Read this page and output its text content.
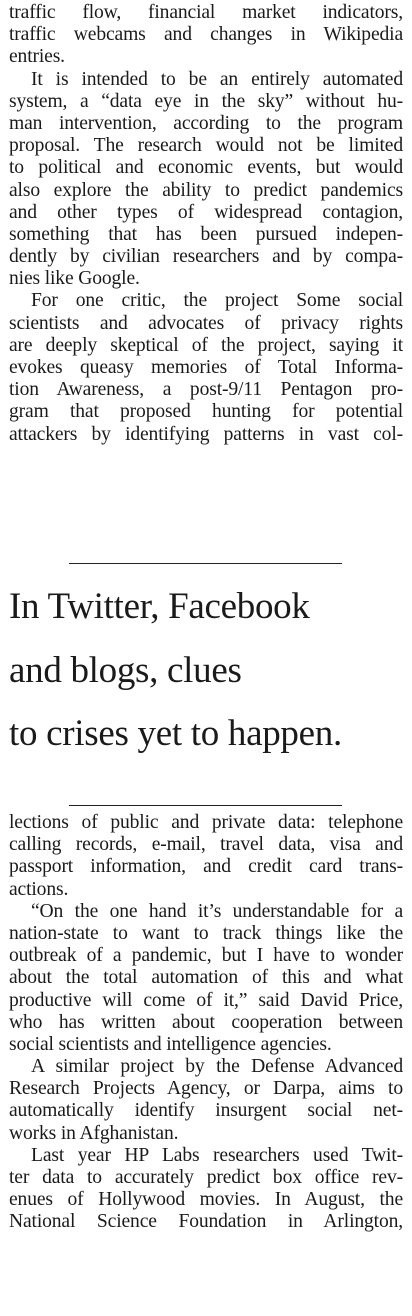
traffic flow, financial market indicators,
traffic webcams and changes in Wikipedia
entries.
It is intended to be an entirely automated
system, a “data eye in the sky” without hu-
man intervention, according to the program
proposal. The research would not be limited
to political and economic events, but would
also explore the ability to predict pandemics
and other types of widespread contagion,
something that has been pursued indepen-
dently by civilian researchers and by compa-
nies like Google.
For one critic, the project Some social
scientists and advocates of privacy rights
are deeply skeptical of the project, saying it
evokes queasy memories of Total Informa-
tion Awareness, a post-9/11 Pentagon pro-
gram that proposed hunting for potential
attackers by identifying patterns in vast col-
In Twitter, Facebook
and blogs, clues
to crises yet to happen.
lections of public and private data: telephone
calling records, e-mail, travel data, visa and
passport information, and credit card trans-
actions.
“On the one hand it’s understandable for a
nation-state to want to track things like the
outbreak of a pandemic, but I have to wonder
about the total automation of this and what
productive will come of it,” said David Price,
who has written about cooperation between
social scientists and intelligence agencies.
A similar project by the Defense Advanced
Research Projects Agency, or Darpa, aims to
automatically identify insurgent social net-
works in Afghanistan.
Last year HP Labs researchers used Twit-
ter data to accurately predict box office rev-
enues of Hollywood movies. In August, the
National Science Foundation in Arlington,
